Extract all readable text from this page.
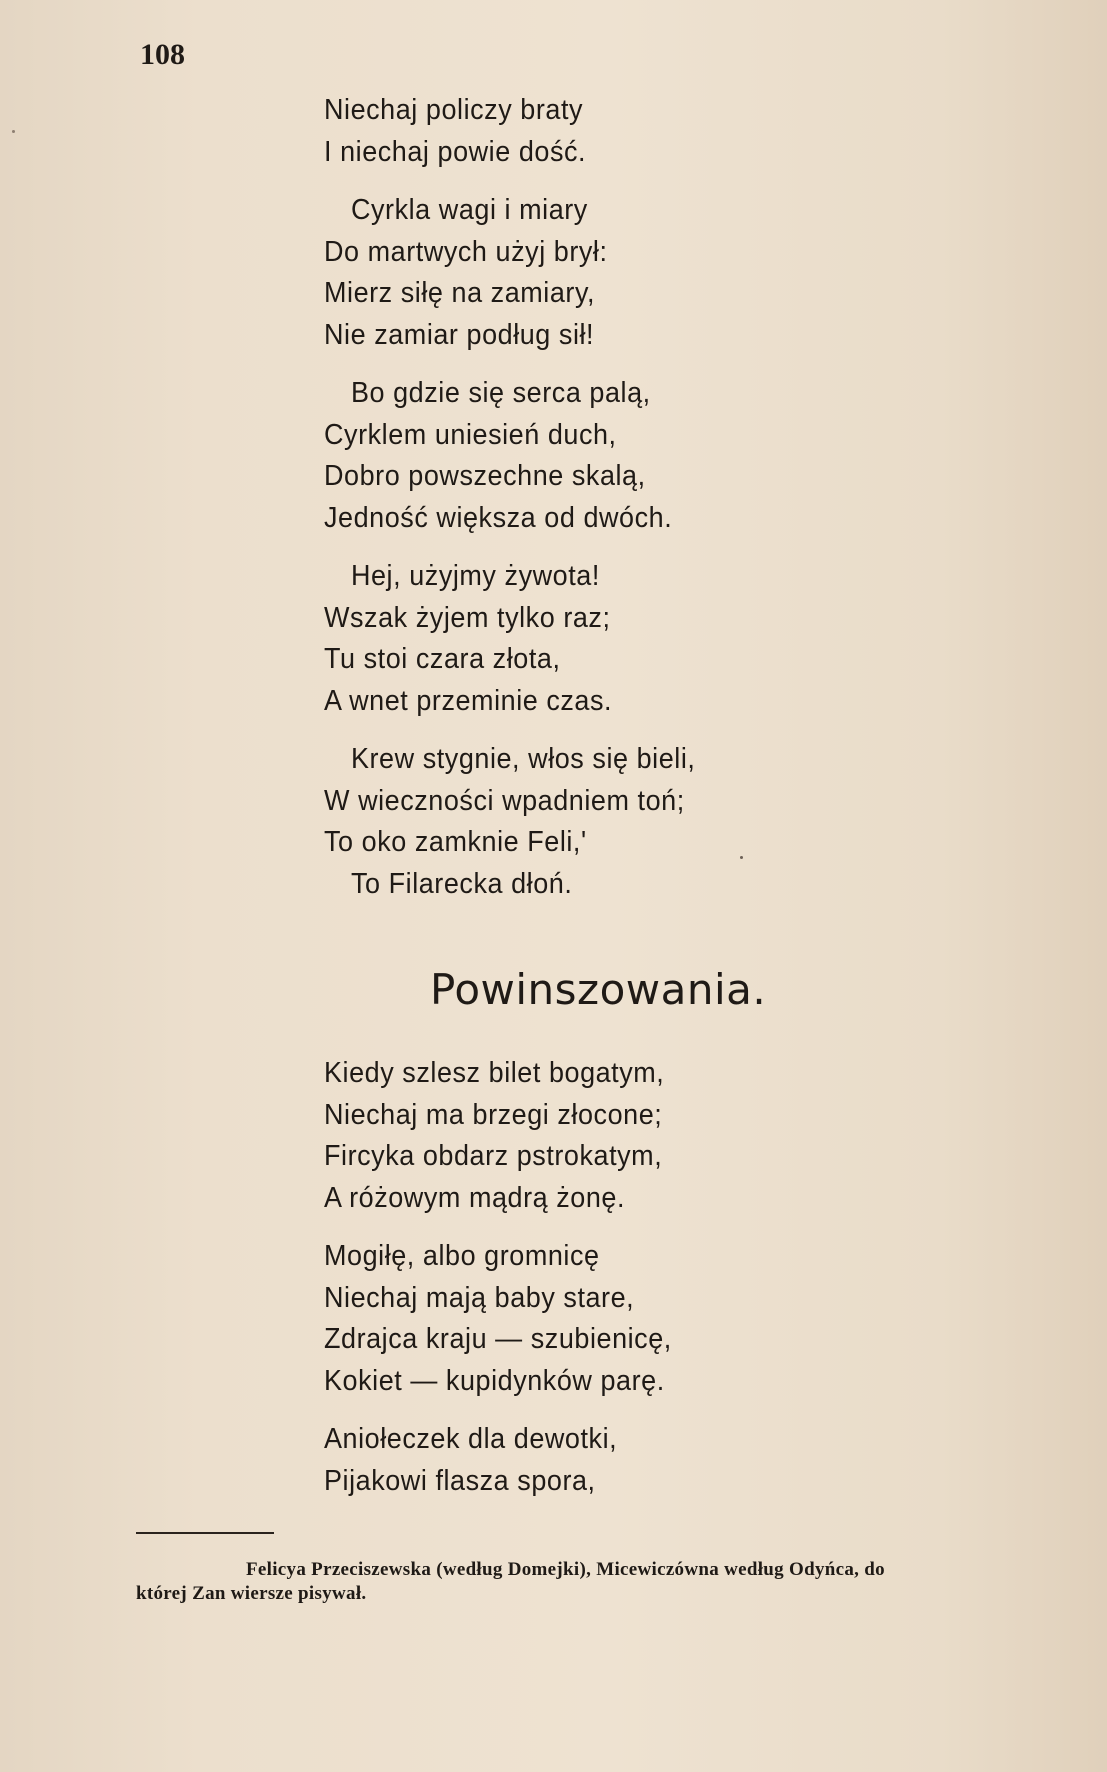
108
Niechaj policzy braty
I niechaj powie dość.
Cyrkla wagi i miary
Do martwych użyj brył:
Mierz siłę na zamiary,
Nie zamiar podług sił!
Bo gdzie się serca palą,
Cyrklem uniesień duch,
Dobro powszechne skalą,
Jedność większa od dwóch.
Hej, użyjmy żywota!
Wszak żyjem tylko raz;
Tu stoi czara złota,
A wnet przeminie czas.
Krew stygnie, włos się bieli,
W wieczności wpadniem toń;
To oko zamknie Feli,'
To Filarecka dłoń.
Powinszowania.
Kiedy szlesz bilet bogatym,
Niechaj ma brzegi złocone;
Fircyka obdarz pstrokatym,
A różowym mądrą żonę.
Mogiłę, albo gromnicę
Niechaj mają baby stare,
Zdrajca kraju — szubienicę,
Kokiet — kupidynków parę.
Aniołeczek dla dewotki,
Pijakowi flasza spora,
Felicya Przeciszewska (według Domejki), Micewiczówna według Odyńca, do
której Zan wiersze pisywał.
